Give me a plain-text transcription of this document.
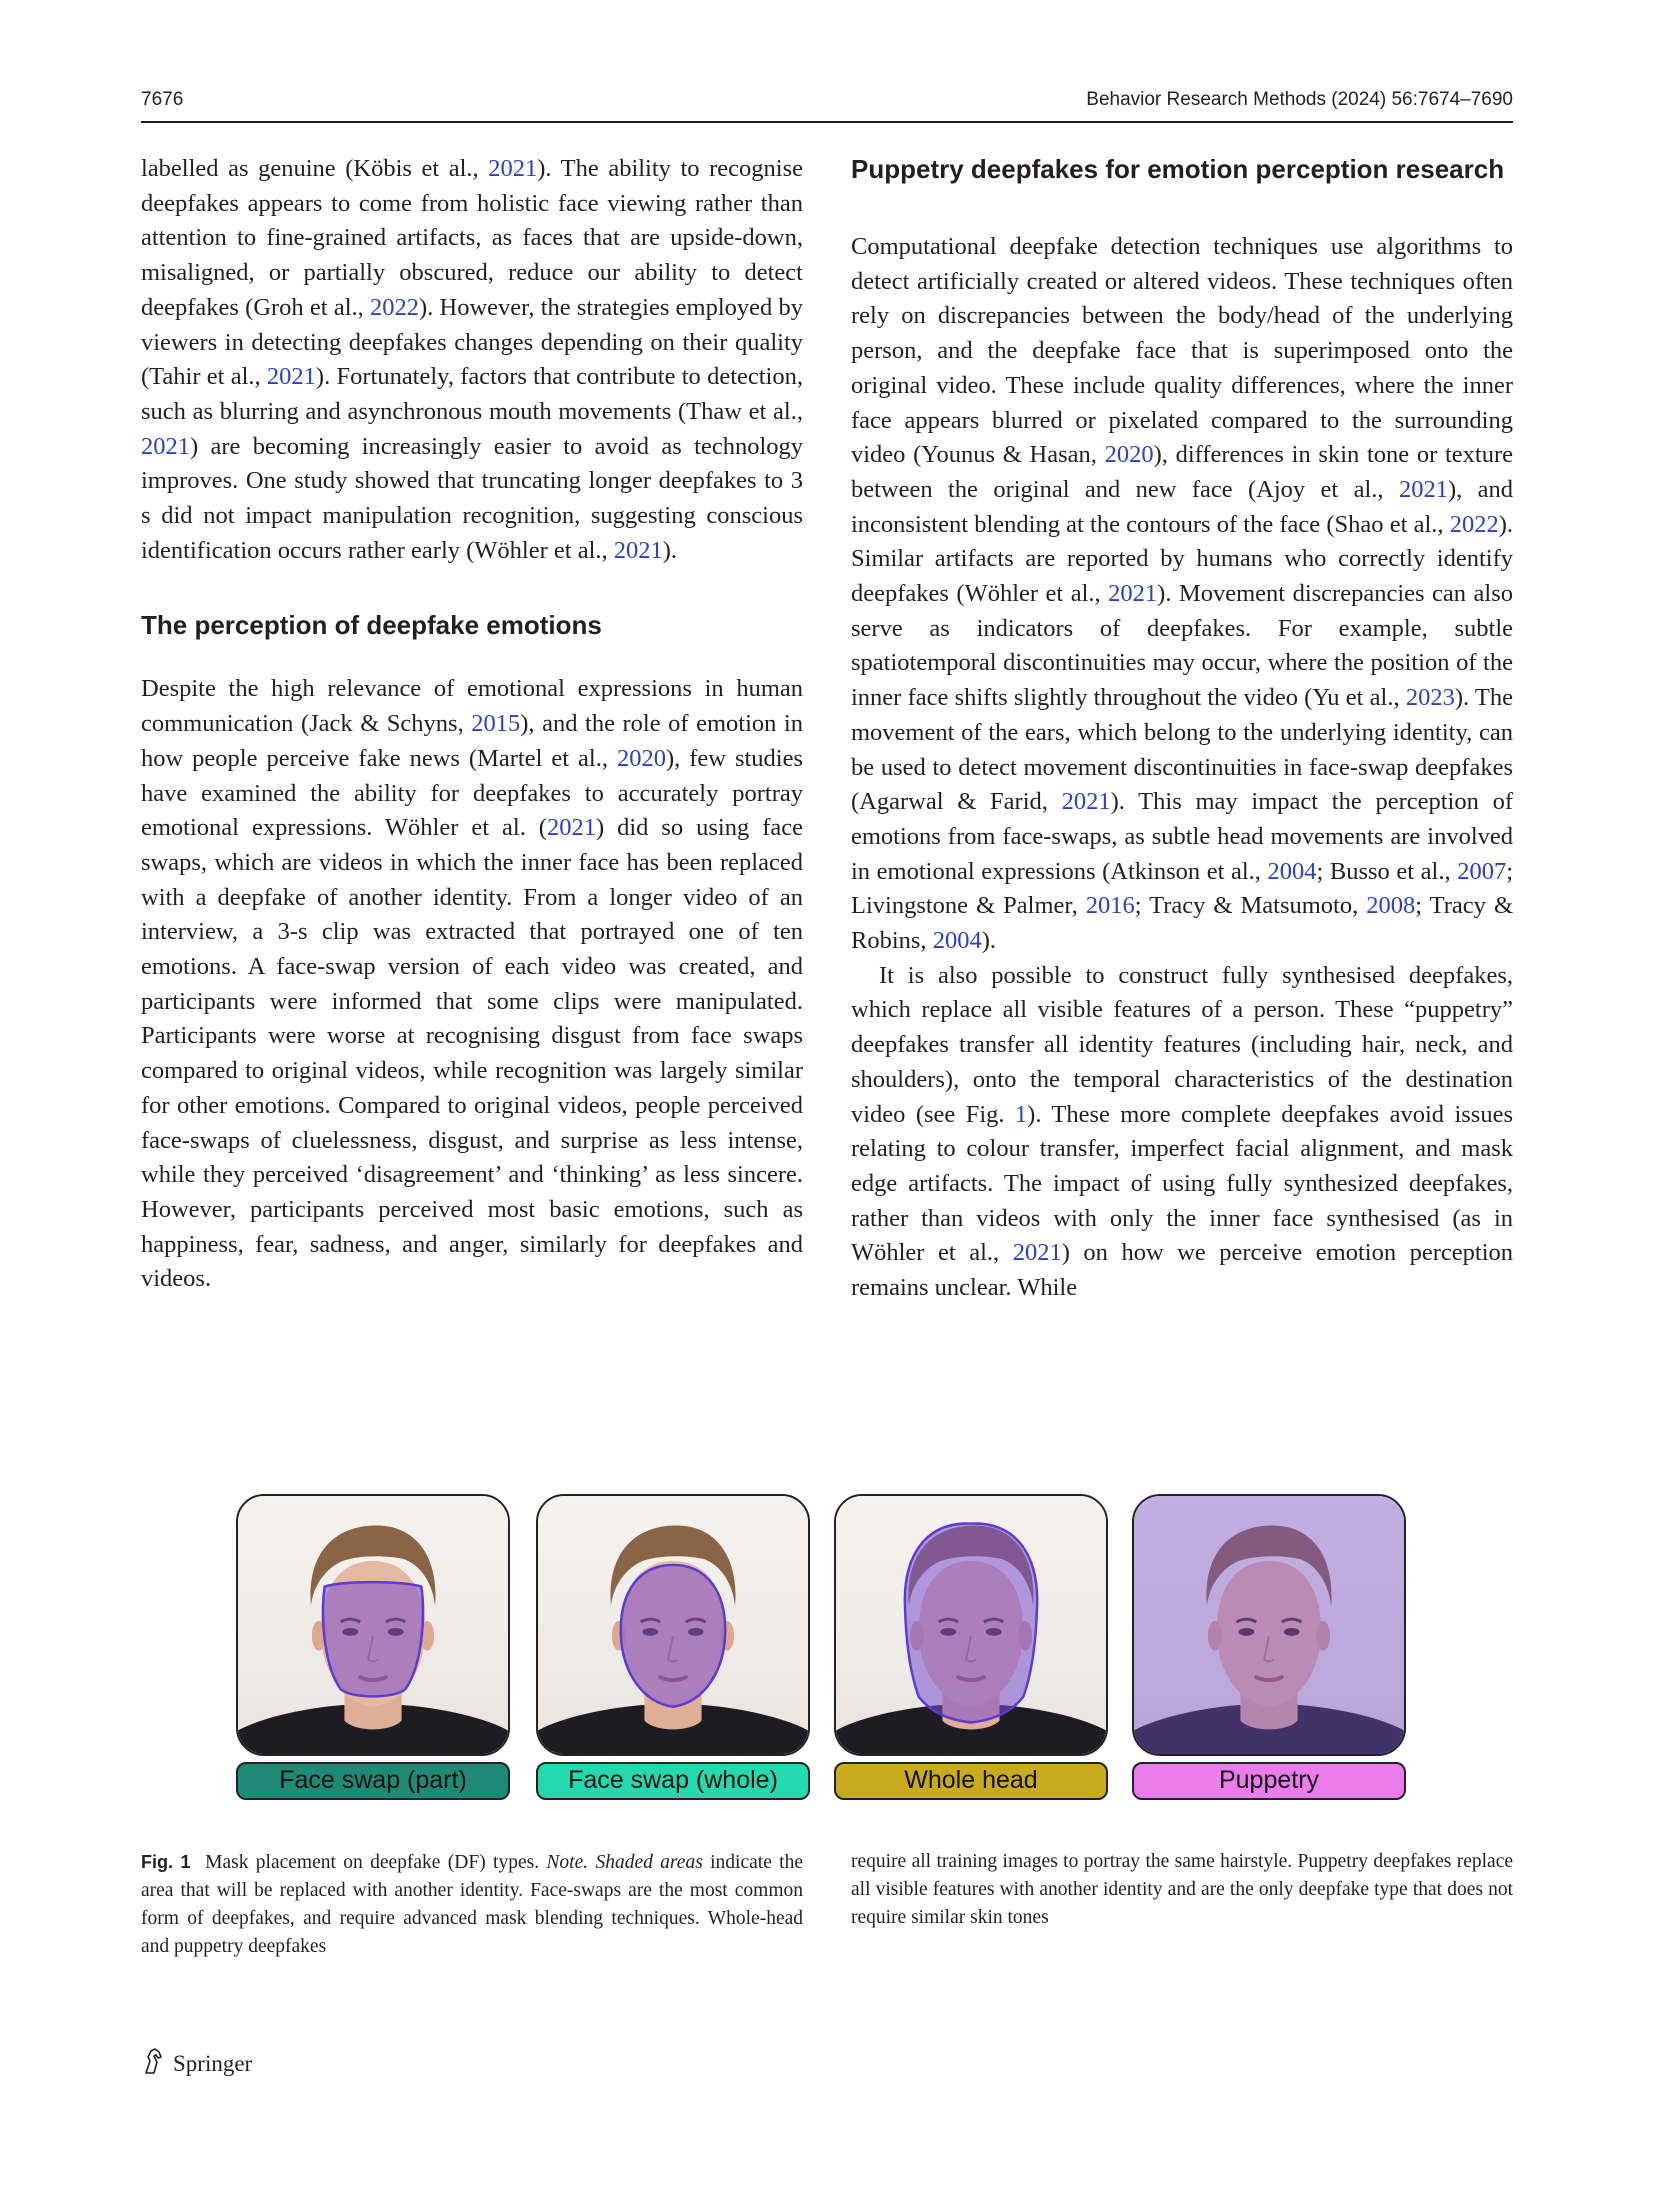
7676	Behavior Research Methods (2024) 56:7674–7690

labelled as genuine (Köbis et al., 2021). The ability to recognise deepfakes appears to come from holistic face viewing rather than attention to fine-grained artifacts, as faces that are upside-down, misaligned, or partially obscured, reduce our ability to detect deepfakes (Groh et al., 2022). However, the strategies employed by viewers in detecting deepfakes changes depending on their quality (Tahir et al., 2021). Fortunately, factors that contribute to detection, such as blurring and asynchronous mouth movements (Thaw et al., 2021) are becoming increasingly easier to avoid as technology improves. One study showed that truncating longer deepfakes to 3 s did not impact manipulation recognition, suggesting conscious identification occurs rather early (Wöhler et al., 2021).

The perception of deepfake emotions

Despite the high relevance of emotional expressions in human communication (Jack & Schyns, 2015), and the role of emotion in how people perceive fake news (Martel et al., 2020), few studies have examined the ability for deepfakes to accurately portray emotional expressions. Wöhler et al. (2021) did so using face swaps, which are videos in which the inner face has been replaced with a deepfake of another identity. From a longer video of an interview, a 3-s clip was extracted that portrayed one of ten emotions. A face-swap version of each video was created, and participants were informed that some clips were manipulated. Participants were worse at recognising disgust from face swaps compared to original videos, while recognition was largely similar for other emotions. Compared to original videos, people perceived face-swaps of cluelessness, disgust, and surprise as less intense, while they perceived ‘disagreement’ and ‘thinking’ as less sincere. However, participants perceived most basic emotions, such as happiness, fear, sadness, and anger, similarly for deepfakes and videos.

Puppetry deepfakes for emotion perception research

Computational deepfake detection techniques use algorithms to detect artificially created or altered videos. These techniques often rely on discrepancies between the body/head of the underlying person, and the deepfake face that is superimposed onto the original video. These include quality differences, where the inner face appears blurred or pixelated compared to the surrounding video (Younus & Hasan, 2020), differences in skin tone or texture between the original and new face (Ajoy et al., 2021), and inconsistent blending at the contours of the face (Shao et al., 2022). Similar artifacts are reported by humans who correctly identify deepfakes (Wöhler et al., 2021). Movement discrepancies can also serve as indicators of deepfakes. For example, subtle spatiotemporal discontinuities may occur, where the position of the inner face shifts slightly throughout the video (Yu et al., 2023). The movement of the ears, which belong to the underlying identity, can be used to detect movement discontinuities in face-swap deepfakes (Agarwal & Farid, 2021). This may impact the perception of emotions from face-swaps, as subtle head movements are involved in emotional expressions (Atkinson et al., 2004; Busso et al., 2007; Livingstone & Palmer, 2016; Tracy & Matsumoto, 2008; Tracy & Robins, 2004).

It is also possible to construct fully synthesised deepfakes, which replace all visible features of a person. These “puppetry” deepfakes transfer all identity features (including hair, neck, and shoulders), onto the temporal characteristics of the destination video (see Fig. 1). These more complete deepfakes avoid issues relating to colour transfer, imperfect facial alignment, and mask edge artifacts. The impact of using fully synthesized deepfakes, rather than videos with only the inner face synthesised (as in Wöhler et al., 2021) on how we perceive emotion perception remains unclear. While

Face swap (part)	Face swap (whole)	Whole head	Puppetry
Fig. 1 Mask placement on deepfake (DF) types. Note. Shaded areas indicate the area that will be replaced with another identity. Face-swaps are the most common form of deepfakes, and require advanced mask blending techniques. Whole-head and puppetry deepfakes
require all training images to portray the same hairstyle. Puppetry deepfakes replace all visible features with another identity and are the only deepfake type that does not require similar skin tones
Springer
